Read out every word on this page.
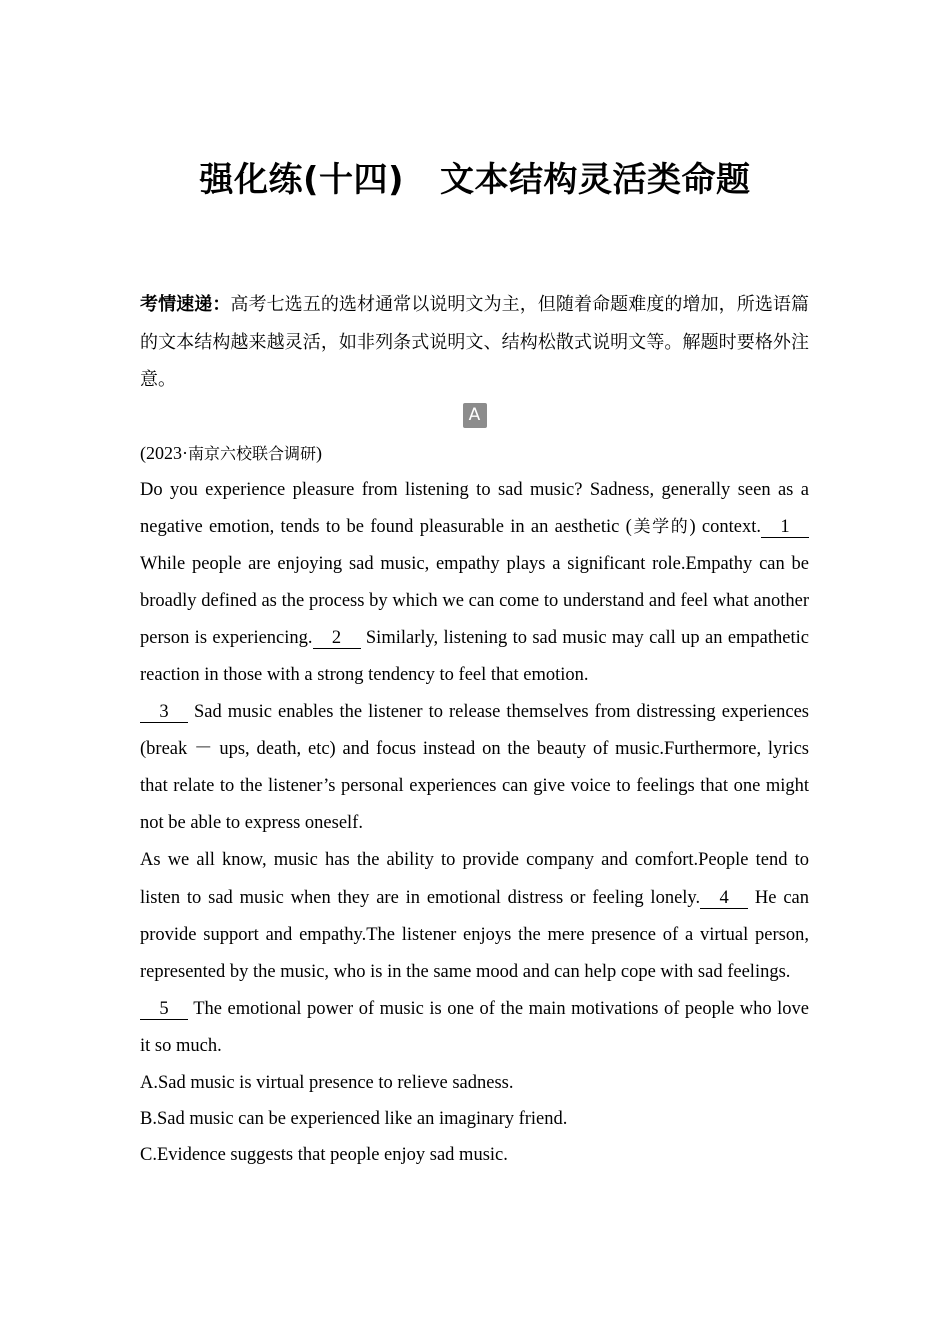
强化练(十四) 文本结构灵活类命题
考情速递：高考七选五的选材通常以说明文为主，但随着命题难度的增加，所选语篇的文本结构越来越灵活，如非列条式说明文、结构松散式说明文等。解题时要格外注意。
A
(2023·南京六校联合调研)

Do you experience pleasure from listening to sad music? Sadness, generally seen as a negative emotion, tends to be found pleasurable in an aesthetic (美学的) context. 1 While people are enjoying sad music, empathy plays a significant role.Empathy can be broadly defined as the process by which we can come to understand and feel what another person is experiencing. 2 Similarly, listening to sad music may call up an empathetic reaction in those with a strong tendency to feel that emotion.

3 Sad music enables the listener to release themselves from distressing experiences (break － ups, death, etc) and focus instead on the beauty of music.Furthermore, lyrics that relate to the listener’s personal experiences can give voice to feelings that one might not be able to express oneself.

As we all know, music has the ability to provide company and comfort.People tend to listen to sad music when they are in emotional distress or feeling lonely. 4 He can provide support and empathy.The listener enjoys the mere presence of a virtual person, represented by the music, who is in the same mood and can help cope with sad feelings.

5 The emotional power of music is one of the main motivations of people who love it so much.

A.Sad music is virtual presence to relieve sadness.

B.Sad music can be experienced like an imaginary friend.

C.Evidence suggests that people enjoy sad music.
